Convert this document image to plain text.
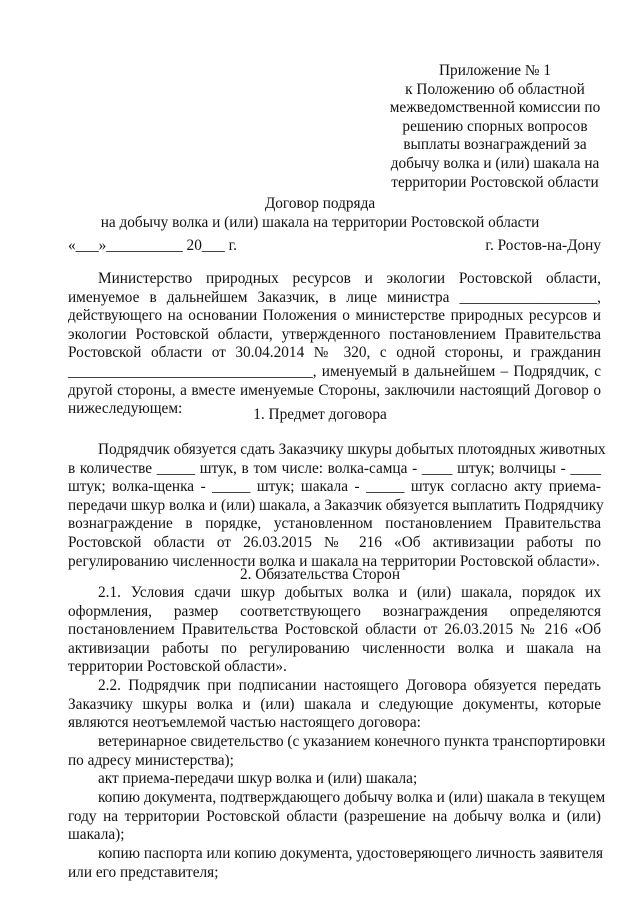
Приложение № 1
к Положению об областной
межведомственной комиссии по
решению спорных вопросов
выплаты вознаграждений за
добычу волка и (или) шакала на
территории Ростовской области
Договор подряда
на добычу волка и (или) шакала на территории Ростовской области
«___»__________ 20___ г.	г. Ростов-на-Дону
Министерство природных ресурсов и экологии Ростовской области,
именуемое в дальнейшем Заказчик, в лице министра __________________,
действующего на основании Положения о министерстве природных ресурсов и
экологии Ростовской области, утвержденного постановлением Правительства
Ростовской области от 30.04.2014 № 320, с одной стороны, и гражданин
________________________________, именуемый в дальнейшем – Подрядчик, с
другой стороны, а вместе именуемые Стороны, заключили настоящий Договор о
нижеследующем:	1. Предмет договора
Подрядчик обязуется сдать Заказчику шкуры добытых плотоядных животных
в количестве _____ штук, в том числе: волка-самца - ____ штук; волчицы - ____
штук; волка-щенка - _____ штук; шакала - _____ штук согласно акту приема-
передачи шкур волка и (или) шакала, а Заказчик обязуется выплатить Подрядчику
вознаграждение в порядке, установленном постановлением Правительства
Ростовской области от 26.03.2015 № 216 «Об активизации работы по
регулированию численности волка и шакала на территории Ростовской области».
2. Обязательства Сторон
2.1. Условия сдачи шкур добытых волка и (или) шакала, порядок их
оформления, размер соответствующего вознаграждения определяются
постановлением Правительства Ростовской области от 26.03.2015 № 216 «Об
активизации работы по регулированию численности волка и шакала на
территории Ростовской области».
2.2. Подрядчик при подписании настоящего Договора обязуется передать
Заказчику шкуры волка и (или) шакала и следующие документы, которые
являются неотъемлемой частью настоящего договора:
ветеринарное свидетельство (с указанием конечного пункта транспортировки
по адресу министерства);
акт приема-передачи шкур волка и (или) шакала;
копию документа, подтверждающего добычу волка и (или) шакала в текущем
году на территории Ростовской области (разрешение на добычу волка и (или)
шакала);
копию паспорта или копию документа, удостоверяющего личность заявителя
или его представителя;
